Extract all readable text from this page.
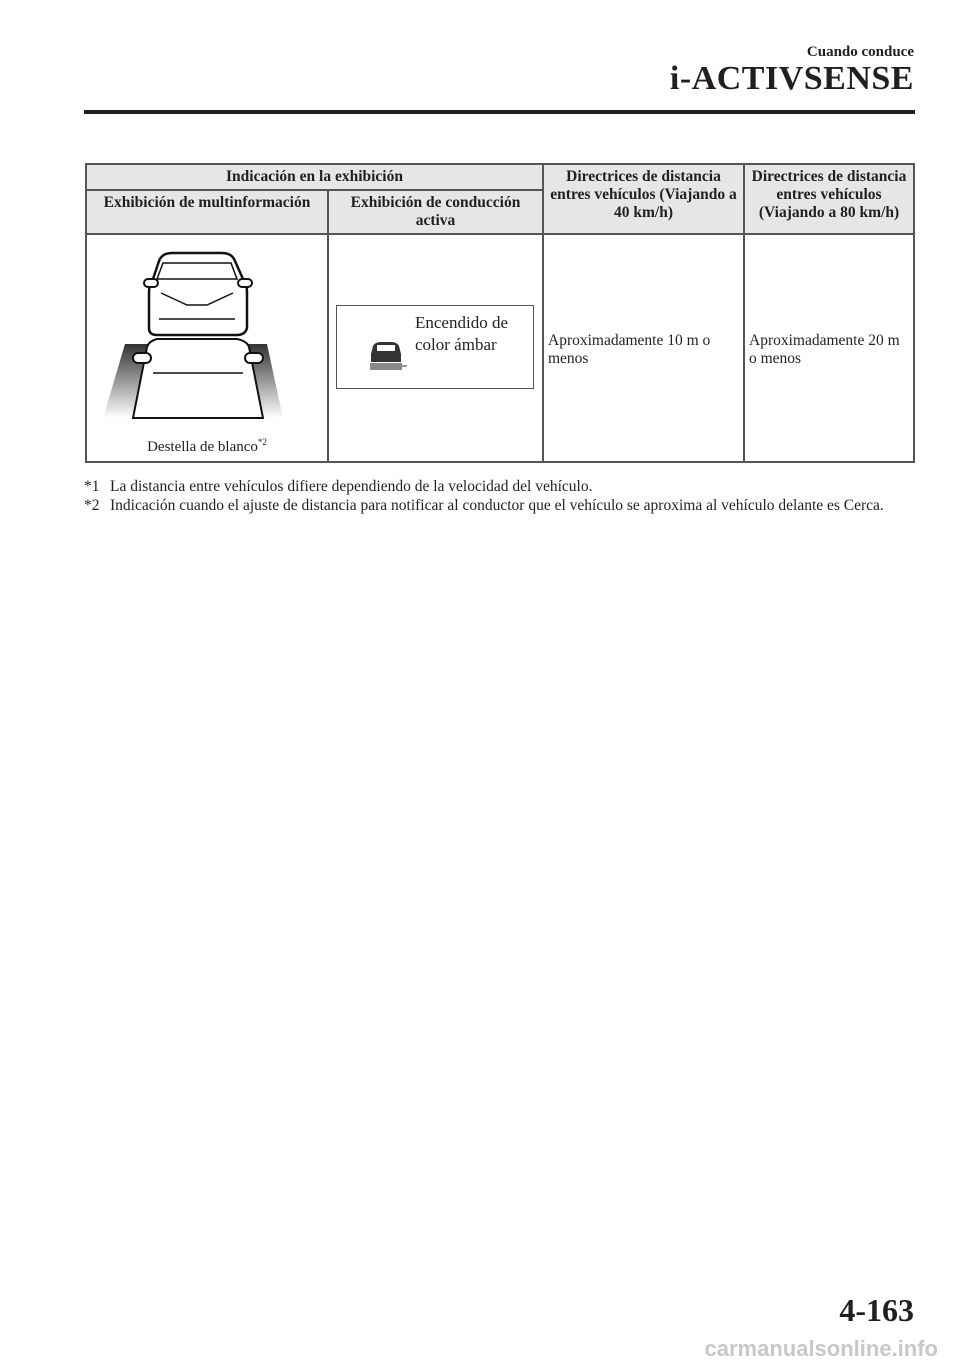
Cuando conduce
i-ACTIVSENSE
Indicación en la exhibición		Directrices de distancia entres vehículos (Viajando a 40 km/h)	Directrices de distancia entres vehículos (Viajando a 80 km/h)
Exhibición de multinformación	Exhibición de conducción activa		

Destella de blanco$^{*2}$	Encendido de color ámbar	Aproximadamente 10 m o menos	Aproximadamente 20 m o menos
*1 La distancia entre vehículos difiere dependiendo de la velocidad del vehículo.
*2 Indicación cuando el ajuste de distancia para notificar al conductor que el vehículo se aproxima al vehículo delante es Cerca.
4-163
carmanualsonline.info
